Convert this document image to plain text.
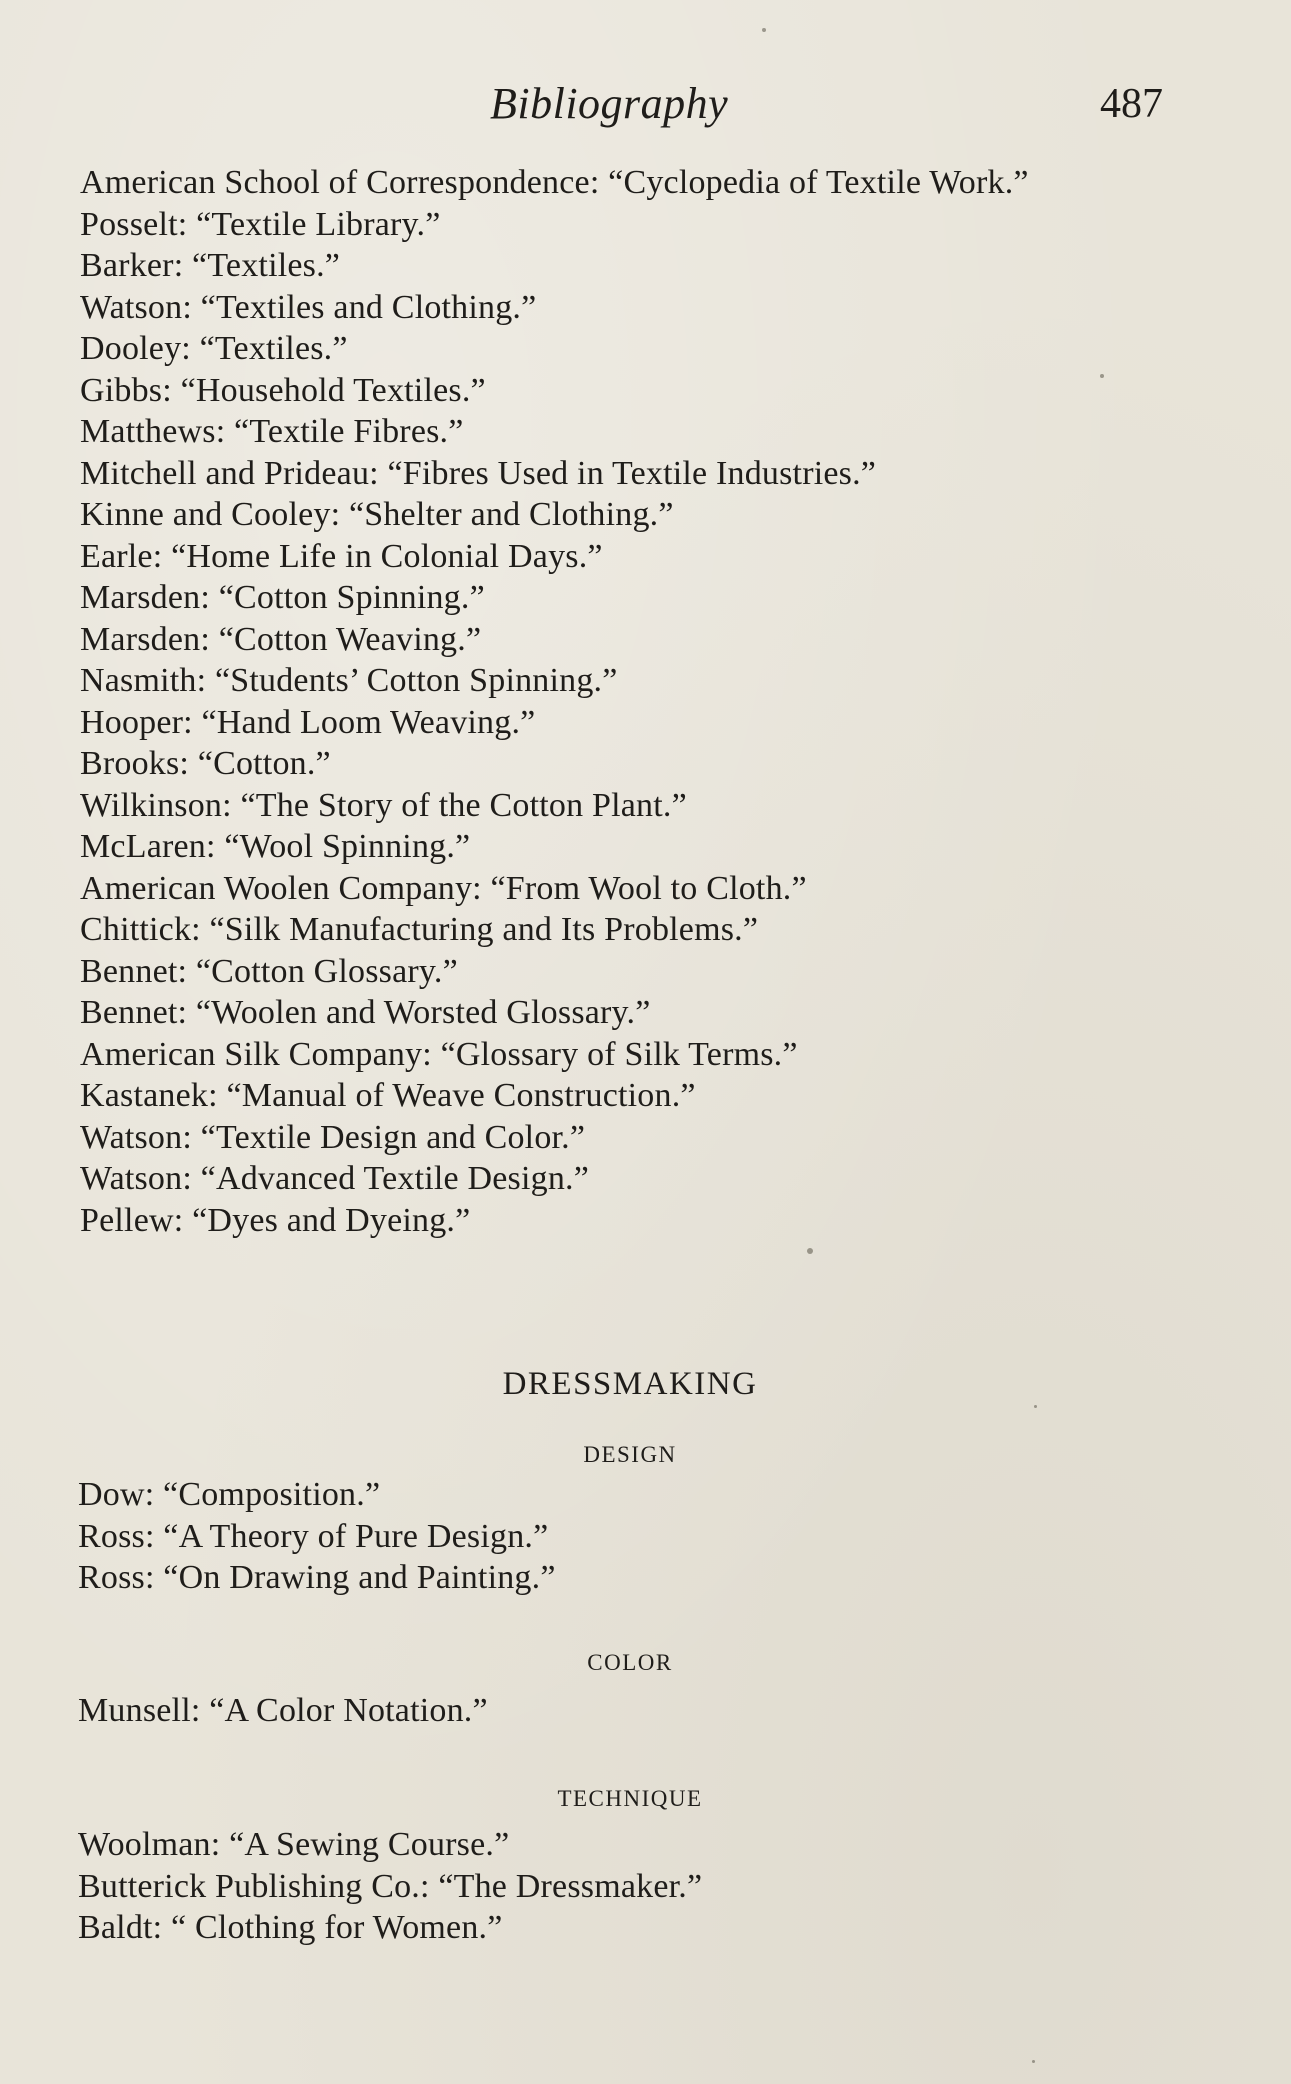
Bibliography	487
American School of Correspondence: “Cyclopedia of Textile Work.”
Posselt: “Textile Library.”
Barker: “Textiles.”
Watson: “Textiles and Clothing.”
Dooley: “Textiles.”
Gibbs: “Household Textiles.”
Matthews: “Textile Fibres.”
Mitchell and Prideau: “Fibres Used in Textile Industries.”
Kinne and Cooley: “Shelter and Clothing.”
Earle: “Home Life in Colonial Days.”
Marsden: “Cotton Spinning.”
Marsden: “Cotton Weaving.”
Nasmith: “Students’ Cotton Spinning.”
Hooper: “Hand Loom Weaving.”
Brooks: “Cotton.”
Wilkinson: “The Story of the Cotton Plant.”
McLaren: “Wool Spinning.”
American Woolen Company: “From Wool to Cloth.”
Chittick: “Silk Manufacturing and Its Problems.”
Bennet: “Cotton Glossary.”
Bennet: “Woolen and Worsted Glossary.”
American Silk Company: “Glossary of Silk Terms.”
Kastanek: “Manual of Weave Construction.”
Watson: “Textile Design and Color.”
Watson: “Advanced Textile Design.”
Pellew: “Dyes and Dyeing.”
DRESSMAKING
DESIGN
Dow: “Composition.”
Ross: “A Theory of Pure Design.”
Ross: “On Drawing and Painting.”
COLOR
Munsell: “A Color Notation.”
TECHNIQUE
Woolman: “A Sewing Course.”
Butterick Publishing Co.: “The Dressmaker.”
Baldt: “ Clothing for Women.”
